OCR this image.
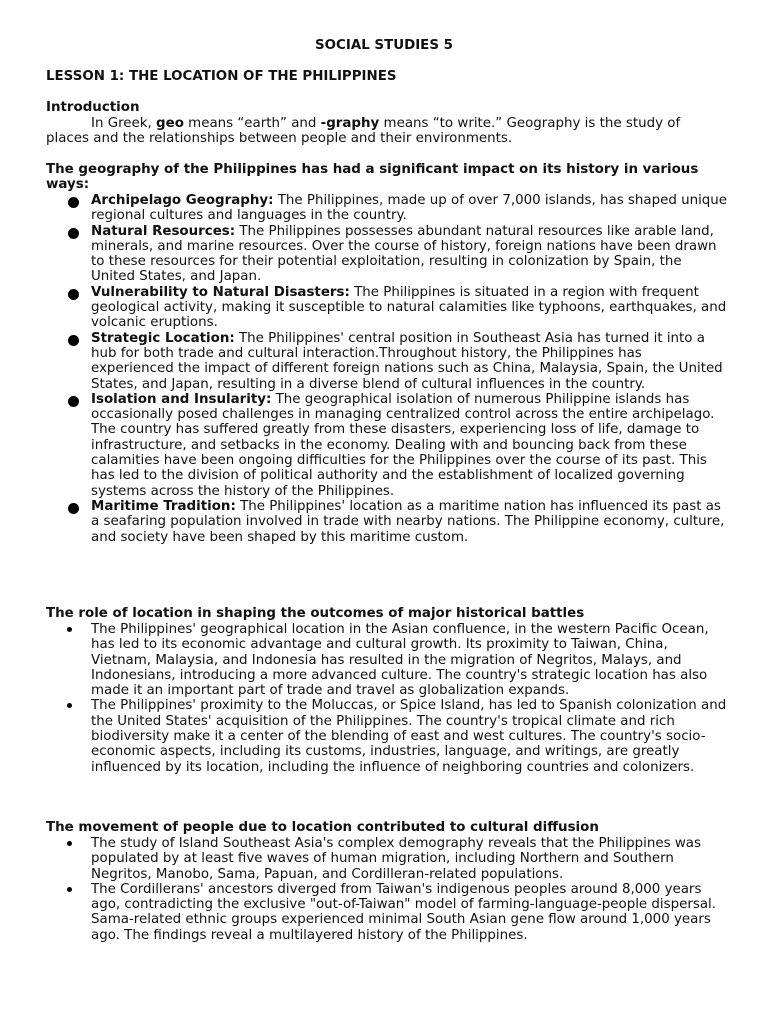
SOCIAL STUDIES 5
LESSON 1: THE LOCATION OF THE PHILIPPINES
Introduction
In Greek, geo means “earth” and -graphy means “to write.” Geography is the study of places and the relationships between people and their environments.
The geography of the Philippines has had a significant impact on its history in various ways:
Archipelago Geography: The Philippines, made up of over 7,000 islands, has shaped unique regional cultures and languages in the country.
Natural Resources: The Philippines possesses abundant natural resources like arable land, minerals, and marine resources. Over the course of history, foreign nations have been drawn to these resources for their potential exploitation, resulting in colonization by Spain, the United States, and Japan.
Vulnerability to Natural Disasters: The Philippines is situated in a region with frequent geological activity, making it susceptible to natural calamities like typhoons, earthquakes, and volcanic eruptions.
Strategic Location: The Philippines' central position in Southeast Asia has turned it into a hub for both trade and cultural interaction.Throughout history, the Philippines has experienced the impact of different foreign nations such as China, Malaysia, Spain, the United States, and Japan, resulting in a diverse blend of cultural influences in the country.
Isolation and Insularity: The geographical isolation of numerous Philippine islands has occasionally posed challenges in managing centralized control across the entire archipelago. The country has suffered greatly from these disasters, experiencing loss of life, damage to infrastructure, and setbacks in the economy. Dealing with and bouncing back from these calamities have been ongoing difficulties for the Philippines over the course of its past. This has led to the division of political authority and the establishment of localized governing systems across the history of the Philippines.
Maritime Tradition: The Philippines' location as a maritime nation has influenced its past as a seafaring population involved in trade with nearby nations. The Philippine economy, culture, and society have been shaped by this maritime custom.
The role of location in shaping the outcomes of major historical battles
The Philippines' geographical location in the Asian confluence, in the western Pacific Ocean, has led to its economic advantage and cultural growth. Its proximity to Taiwan, China, Vietnam, Malaysia, and Indonesia has resulted in the migration of Negritos, Malays, and Indonesians, introducing a more advanced culture. The country's strategic location has also made it an important part of trade and travel as globalization expands.
The Philippines' proximity to the Moluccas, or Spice Island, has led to Spanish colonization and the United States' acquisition of the Philippines. The country's tropical climate and rich biodiversity make it a center of the blending of east and west cultures. The country's socio-economic aspects, including its customs, industries, language, and writings, are greatly influenced by its location, including the influence of neighboring countries and colonizers.
The movement of people due to location contributed to cultural diffusion
The study of Island Southeast Asia's complex demography reveals that the Philippines was populated by at least five waves of human migration, including Northern and Southern Negritos, Manobo, Sama, Papuan, and Cordilleran-related populations.
The Cordillerans' ancestors diverged from Taiwan's indigenous peoples around 8,000 years ago, contradicting the exclusive "out-of-Taiwan" model of farming-language-people dispersal. Sama-related ethnic groups experienced minimal South Asian gene flow around 1,000 years ago. The findings reveal a multilayered history of the Philippines.
